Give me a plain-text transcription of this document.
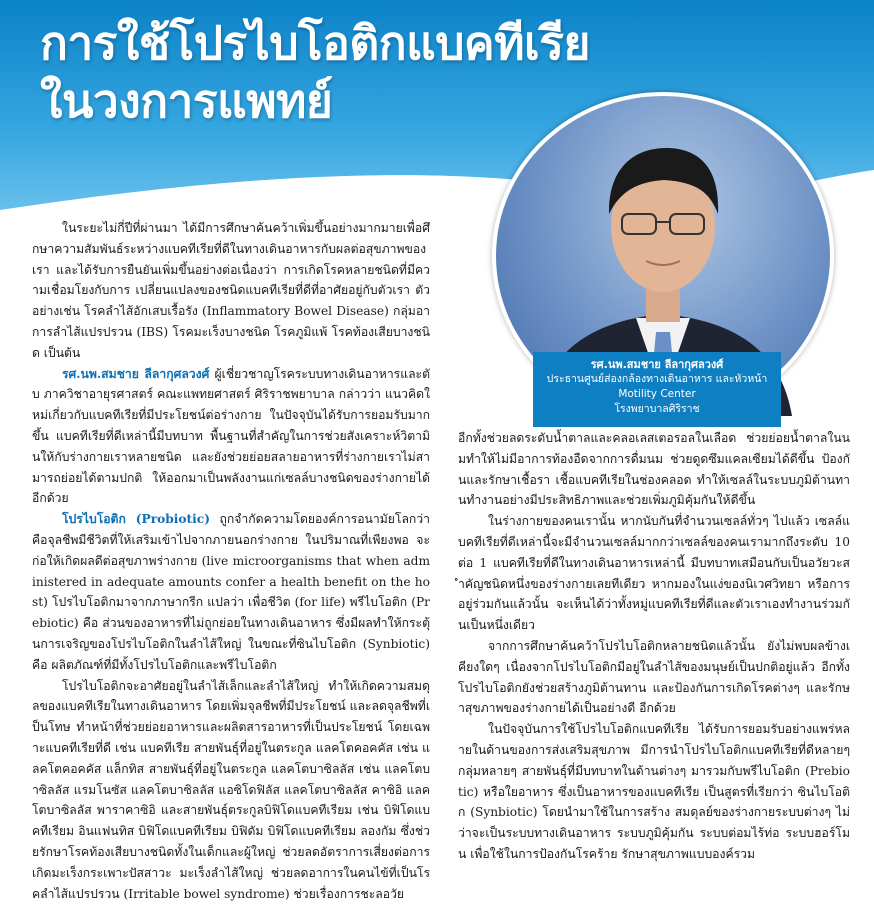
การใช้โปรไบโอติกแบคทีเรีย
ในวงการแพทย์
รศ.นพ.สมชาย ลีลากุศลวงศ์
ประธานศูนย์ส่องกล้องทางเดินอาหาร และหัวหน้า Motility Center
โรงพยาบาลศิริราช

ในระยะไม่กี่ปีที่ผ่านมา ได้มีการศึกษาค้นคว้าเพิ่มขึ้นอย่างมากมายเพื่อศึกษาความสัมพันธ์ระหว่างแบคทีเรียที่ดีในทางเดินอาหารกับผลต่อสุขภาพของเรา และได้รับการยืนยันเพิ่มขึ้นอย่างต่อเนื่องว่า การเกิดโรคหลายชนิดที่มีความเชื่อมโยงกับการ เปลี่ยนแปลงของชนิดแบคทีเรียที่ดีที่อาศัยอยู่กับตัวเรา ตัวอย่างเช่น โรคลำไส้อักเสบเรื้อรัง (Inflammatory Bowel Disease) กลุ่มอาการลำไส้แปรปรวน (IBS) โรคมะเร็งบางชนิด โรคภูมิแพ้ โรคท้องเสียบางชนิด เป็นต้น

รศ.นพ.สมชาย ลีลากุศลวงศ์ ผู้เชี่ยวชาญโรคระบบทางเดินอาหารและตับ ภาควิชาอายุรศาสตร์ คณะแพทยศาสตร์ ศิริราชพยาบาล กล่าวว่า แนวคิดใหม่เกี่ยวกับแบคทีเรียที่มีประโยชน์ต่อร่างกาย ในปัจจุบันได้รับการยอมรับมากขึ้น แบคทีเรียที่ดีเหล่านี้มีบทบาท พื้นฐานที่สำคัญในการช่วยสังเคราะห์วิตามินให้กับร่างกายเราหลายชนิด และยังช่วยย่อยสลายอาหารที่ร่างกายเราไม่สามารถย่อยได้ตามปกติ ให้ออกมาเป็นพลังงานแก่เซลล์บางชนิดของร่างกายได้อีกด้วย

โปรไบโอติก (Probiotic) ถูกจำกัดความโดยองค์การอนามัยโลกว่า คือจุลชีพมีชีวิตที่ให้เสริมเข้าไปจากภายนอกร่างกาย ในปริมาณที่เพียงพอ จะก่อให้เกิดผลดีต่อสุขภาพร่างกาย (live microorganisms that when administered in adequate amounts confer a health benefit on the host) โปรไบโอติกมาจากภาษากรีก แปลว่า เพื่อชีวิต (for life) พรีไบโอติก (Prebiotic) คือ ส่วนของอาหารที่ไม่ถูกย่อยในทางเดินอาหาร ซึ่งมีผลทำให้กระตุ้นการเจริญของโปรไบโอติกในลำไส้ใหญ่ ในขณะที่ซินไบโอติก (Synbiotic) คือ ผลิตภัณฑ์ที่มีทั้งโปรไบโอติกและพรีไบโอติก

โปรไบโอติกจะอาศัยอยู่ในลำไส้เล็กและลำไส้ใหญ่ ทำให้เกิดความสมดุลของแบคทีเรียในทางเดินอาหาร โดยเพิ่มจุลชีพที่มีประโยชน์ และลดจุลชีพที่เป็นโทษ ทำหน้าที่ช่วยย่อยอาหารและผลิตสารอาหารที่เป็นประโยชน์ โดยเฉพาะแบคทีเรียที่ดี เช่น แบคทีเรีย สายพันธุ์ที่อยู่ในตระกูล แลคโตคอคคัส เช่น แลคโตคอคคัส แล็กทิส สายพันธุ์ที่อยู่ในตระกูล แลคโตบาซิลลัส เช่น แลคโตบาซิลลัส แรมโนซัส แลคโตบาซิลลัส แอซิโดฟิลัส แลคโตบาซิลลัส คาซิอิ แลคโตบาซิลลัส พาราคาซิอิ และสายพันธุ์ตระกูลบิฟิโดแบคทีเรียม เช่น บิฟิโดแบคทีเรียม อินแฟนทิส บิฟิโดแบคทีเรียม บิฟิดัม บิฟิโดแบคทีเรียม ลองกัม ซึ่งช่วยรักษาโรคท้องเสียบางชนิดทั้งในเด็กและผู้ใหญ่ ช่วยลดอัตราการเสี่ยงต่อการเกิดมะเร็งกระเพาะปัสสาวะ มะเร็งลำไส้ใหญ่ ช่วยลดอาการในคนไข้ที่เป็นโรคลำไส้แปรปรวน (Irritable bowel syndrome) ช่วยเรื่องการชะลอวัย

อีกทั้งช่วยลดระดับน้ำตาลและคลอเลสเตอรอลในเลือด ช่วยย่อยน้ำตาลในนมทำให้ไม่มีอาการท้องอืดจากการดื่มนม ช่วยดูดซึมแคลเซียมได้ดีขึ้น ป้องกันและรักษาเชื้อรา เชื้อแบคทีเรียในช่องคลอด ทำให้เซลล์ในระบบภูมิต้านทานทำงานอย่างมีประสิทธิภาพและช่วยเพิ่มภูมิคุ้มกันให้ดีขึ้น

ในร่างกายของคนเรานั้น หากนับกันที่จำนวนเซลล์ทั่วๆ ไปแล้ว เซลล์แบคทีเรียที่ดีเหล่านี้จะมีจำนวนเซลล์มากกว่าเซลล์ของคนเรามากถึงระดับ 10 ต่อ 1 แบคทีเรียที่ดีในทางเดินอาหารเหล่านี้ มีบทบาทเสมือนกับเป็นอวัยวะสำคัญชนิดหนึ่งของร่างกายเลยทีเดียว หากมองในแง่ของนิเวศวิทยา หรือการอยู่ร่วมกันแล้วนั้น จะเห็นได้ว่าทั้งหมู่แบคทีเรียที่ดีและตัวเราเองทำงานร่วมกันเป็นหนึ่งเดียว

จากการศึกษาค้นคว้าโปรไบโอติกหลายชนิดแล้วนั้น ยังไม่พบผลข้างเคียงใดๆ เนื่องจากโปรไบโอติกมีอยู่ในลำไส้ของมนุษย์เป็นปกติอยู่แล้ว อีกทั้งโปรไบโอติกยังช่วยสร้างภูมิต้านทาน และป้องกันการเกิดโรคต่างๆ และรักษาสุขภาพของร่างกายได้เป็นอย่างดี อีกด้วย

ในปัจจุบันการใช้โปรไบโอติกแบคทีเรีย ได้รับการยอมรับอย่างแพร่หลายในด้านของการส่งเสริมสุขภาพ มีการนำโปรไบโอติกแบคทีเรียที่ดีหลายๆ กลุ่มหลายๆ สายพันธุ์ที่มีบทบาทในด้านต่างๆ มารวมกับพรีไบโอติก (Prebiotic) หรือใยอาหาร ซึ่งเป็นอาหารของแบคทีเรีย เป็นสูตรที่เรียกว่า ซินไบโอติก (Synbiotic) โดยนำมาใช้ในการสร้าง สมดุลย์ของร่างกายระบบต่างๆ ไม่ว่าจะเป็นระบบทางเดินอาหาร ระบบภูมิคุ้มกัน ระบบต่อมไร้ท่อ ระบบฮอร์โมน เพื่อใช้ในการป้องกันโรคร้าย รักษาสุขภาพแบบองค์รวม
